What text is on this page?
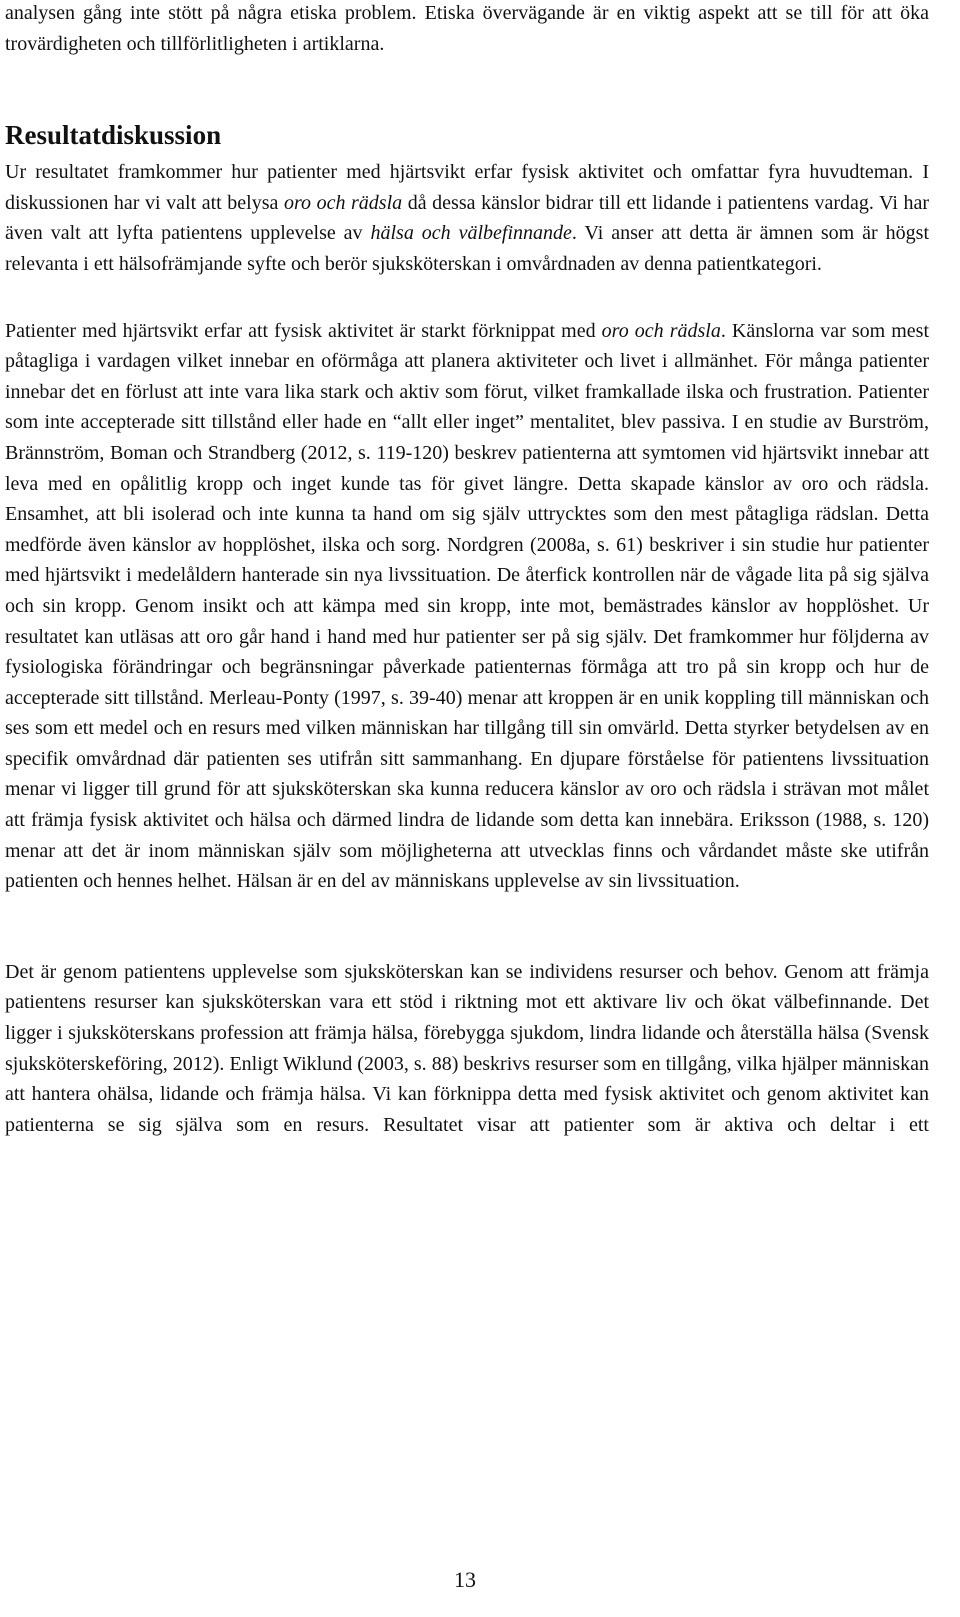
analysen gång inte stött på några etiska problem. Etiska övervägande är en viktig aspekt att se till för att öka trovärdigheten och tillförlitligheten i artiklarna.

Resultatdiskussion

Ur resultatet framkommer hur patienter med hjärtsvikt erfar fysisk aktivitet och omfattar fyra huvudteman. I diskussionen har vi valt att belysa oro och rädsla då dessa känslor bidrar till ett lidande i patientens vardag. Vi har även valt att lyfta patientens upplevelse av hälsa och välbefinnande. Vi anser att detta är ämnen som är högst relevanta i ett hälsofrämjande syfte och berör sjuksköterskan i omvårdnaden av denna patientkategori.

Patienter med hjärtsvikt erfar att fysisk aktivitet är starkt förknippat med oro och rädsla. Känslorna var som mest påtagliga i vardagen vilket innebar en oförmåga att planera aktiviteter och livet i allmänhet. För många patienter innebar det en förlust att inte vara lika stark och aktiv som förut, vilket framkallade ilska och frustration. Patienter som inte accepterade sitt tillstånd eller hade en “allt eller inget” mentalitet, blev passiva. I en studie av Burström, Brännström, Boman och Strandberg (2012, s. 119-120) beskrev patienterna att symtomen vid hjärtsvikt innebar att leva med en opålitlig kropp och inget kunde tas för givet längre. Detta skapade känslor av oro och rädsla. Ensamhet, att bli isolerad och inte kunna ta hand om sig själv uttrycktes som den mest påtagliga rädslan. Detta medförde även känslor av hopplöshet, ilska och sorg. Nordgren (2008a, s. 61) beskriver i sin studie hur patienter med hjärtsvikt i medelåldern hanterade sin nya livssituation. De återfick kontrollen när de vågade lita på sig själva och sin kropp. Genom insikt och att kämpa med sin kropp, inte mot, bemästrades känslor av hopplöshet. Ur resultatet kan utläsas att oro går hand i hand med hur patienter ser på sig själv. Det framkommer hur följderna av fysiologiska förändringar och begränsningar påverkade patienternas förmåga att tro på sin kropp och hur de accepterade sitt tillstånd. Merleau-Ponty (1997, s. 39-40) menar att kroppen är en unik koppling till människan och ses som ett medel och en resurs med vilken människan har tillgång till sin omvärld. Detta styrker betydelsen av en specifik omvårdnad där patienten ses utifrån sitt sammanhang. En djupare förståelse för patientens livssituation menar vi ligger till grund för att sjuksköterskan ska kunna reducera känslor av oro och rädsla i strävan mot målet att främja fysisk aktivitet och hälsa och därmed lindra de lidande som detta kan innebära. Eriksson (1988, s. 120) menar att det är inom människan själv som möjligheterna att utvecklas finns och vårdandet måste ske utifrån patienten och hennes helhet. Hälsan är en del av människans upplevelse av sin livssituation.

Det är genom patientens upplevelse som sjuksköterskan kan se individens resurser och behov. Genom att främja patientens resurser kan sjuksköterskan vara ett stöd i riktning mot ett aktivare liv och ökat välbefinnande. Det ligger i sjuksköterskans profession att främja hälsa, förebygga sjukdom, lindra lidande och återställa hälsa (Svensk sjuksköterskeföring, 2012). Enligt Wiklund (2003, s. 88) beskrivs resurser som en tillgång, vilka hjälper människan att hantera ohälsa, lidande och främja hälsa. Vi kan förknippa detta med fysisk aktivitet och genom aktivitet kan patienterna se sig själva som en resurs. Resultatet visar att patienter som är aktiva och deltar i ett

13
